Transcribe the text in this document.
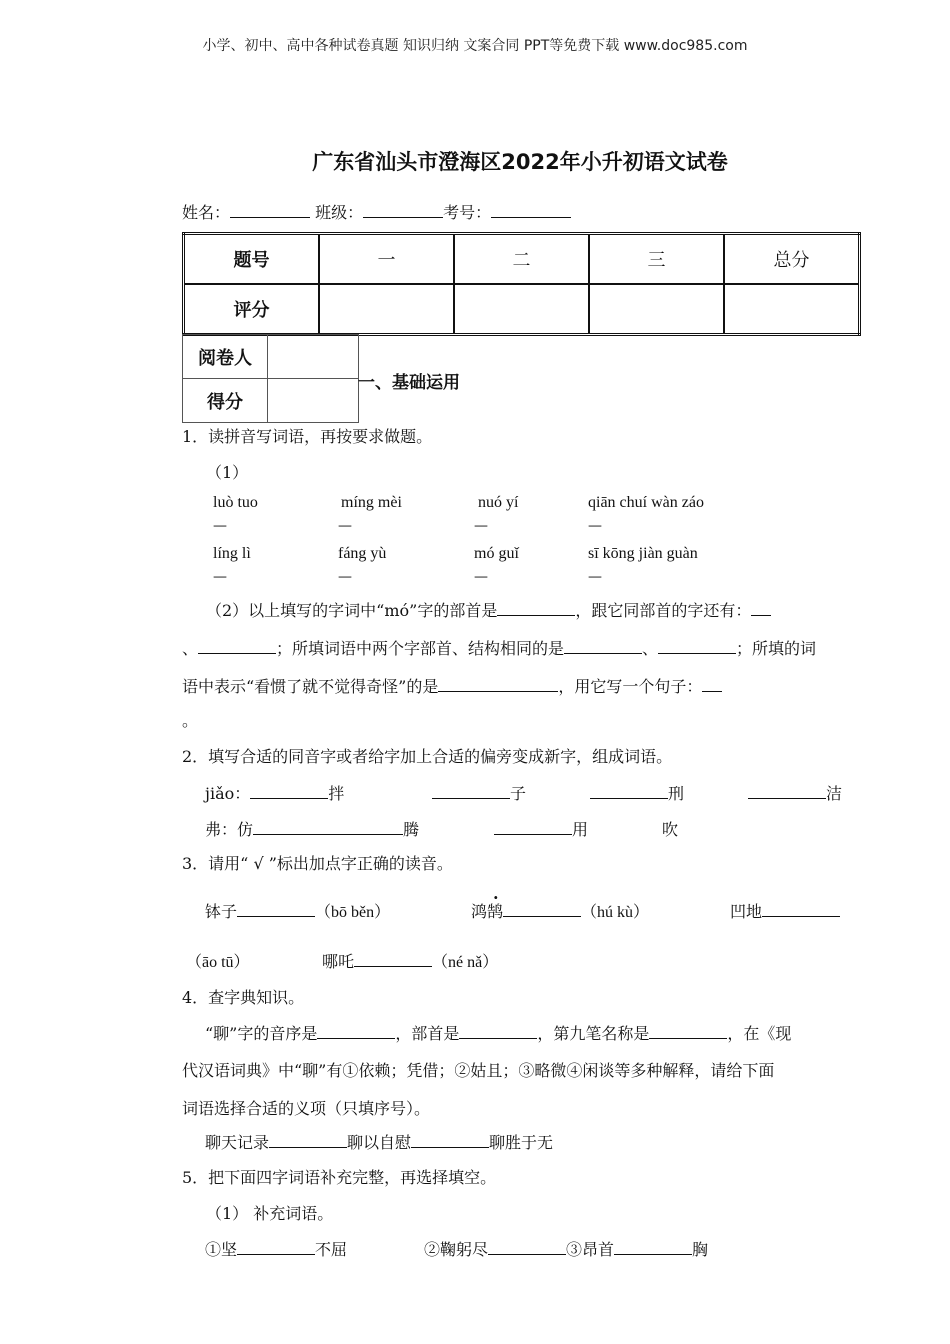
小学、初中、高中各种试卷真题 知识归纳 文案合同 PPT等免费下载 www.doc985.com
广东省汕头市澄海区2022年小升初语文试卷
姓名：	班级：	考号：
题号	一	二	三	总分
评分				
阅卷人	
得分	
一、基础运用
1．读拼音写词语，再按要求做题。
（1）
luò tuo	míng mèi	nuó yí	qiān chuí wàn záo
—	—	—	—
líng lì	fáng yù	mó guǐ	sī kōng jiàn guàn
—	—	—	—
（2）以上填写的字词中“mó”字的部首是	，跟它同部首的字还有：
、	；所填词语中两个字部首、结构相同的是	、	；所填的词
语中表示“看惯了就不觉得奇怪”的是	，用它写一个句子：
。
2．填写合适的同音字或者给字加上合适的偏旁变成新字，组成词语。
jiǎo：	拌	子	刑	洁
弗：仿	腾	用	吹
3．请用“ √ ”标出加点字正确的读音。
钵子	（bō běn）	鸿鹄	（hú kù）	凹地
（āo tū）	哪吒	（né nǎ）
4．查字典知识。
“聊”字的音序是	，部首是	，第九笔名称是	，在《现
代汉语词典》中“聊”有①依赖；凭借；②姑且；③略微④闲谈等多种解释，请给下面
词语选择合适的义项（只填序号）。
聊天记录	聊以自慰	聊胜于无
5．把下面四字词语补充完整，再选择填空。
（1） 补充词语。
①坚	不屈	②鞠躬尽	③昂首	胸
